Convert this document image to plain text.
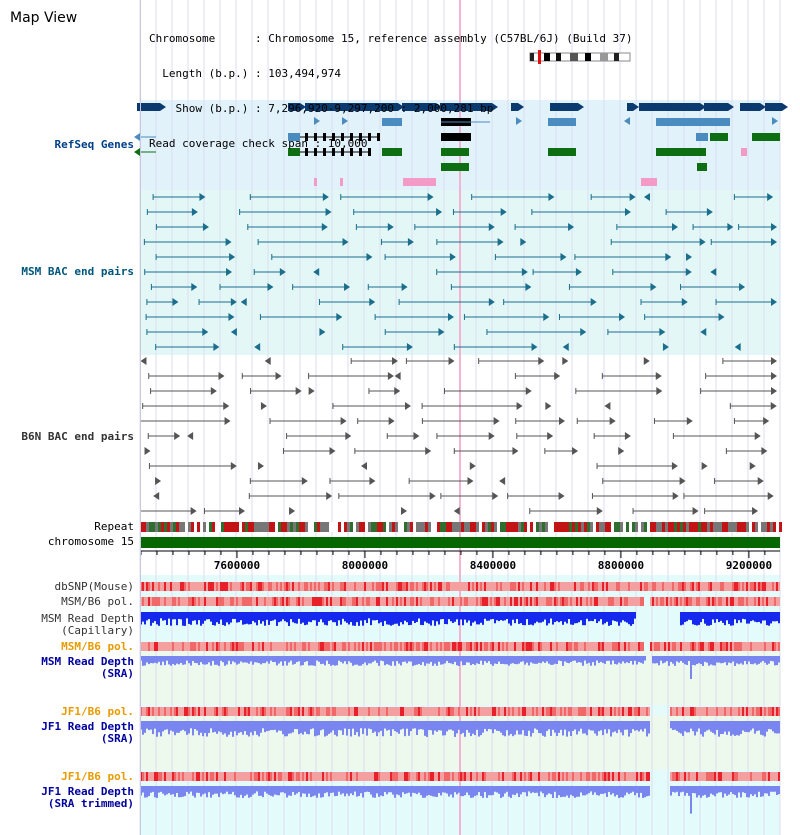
Map View

Chromosome      : Chromosome 15, reference assembly (C57BL/6J) (Build 37)

Length (b.p.) : 103,494,974

Show (b.p.) : 7,296,920-9,297,200 : 2,000,281 bp

Read coverage check span : 10,000

RefSeq Genes
MSM BAC end pairs
B6N BAC end pairs
Repeat
chromosome 15
dbSNP(Mouse)
MSM/B6 pol.
MSM Read Depth
(Capillary)
MSM/B6 pol.
MSM Read Depth
(SRA)
JF1/B6 pol.
JF1 Read Depth
(SRA)
JF1/B6 pol.
JF1 Read Depth
(SRA trimmed)
7600000	8000000	8400000	8800000	9200000
